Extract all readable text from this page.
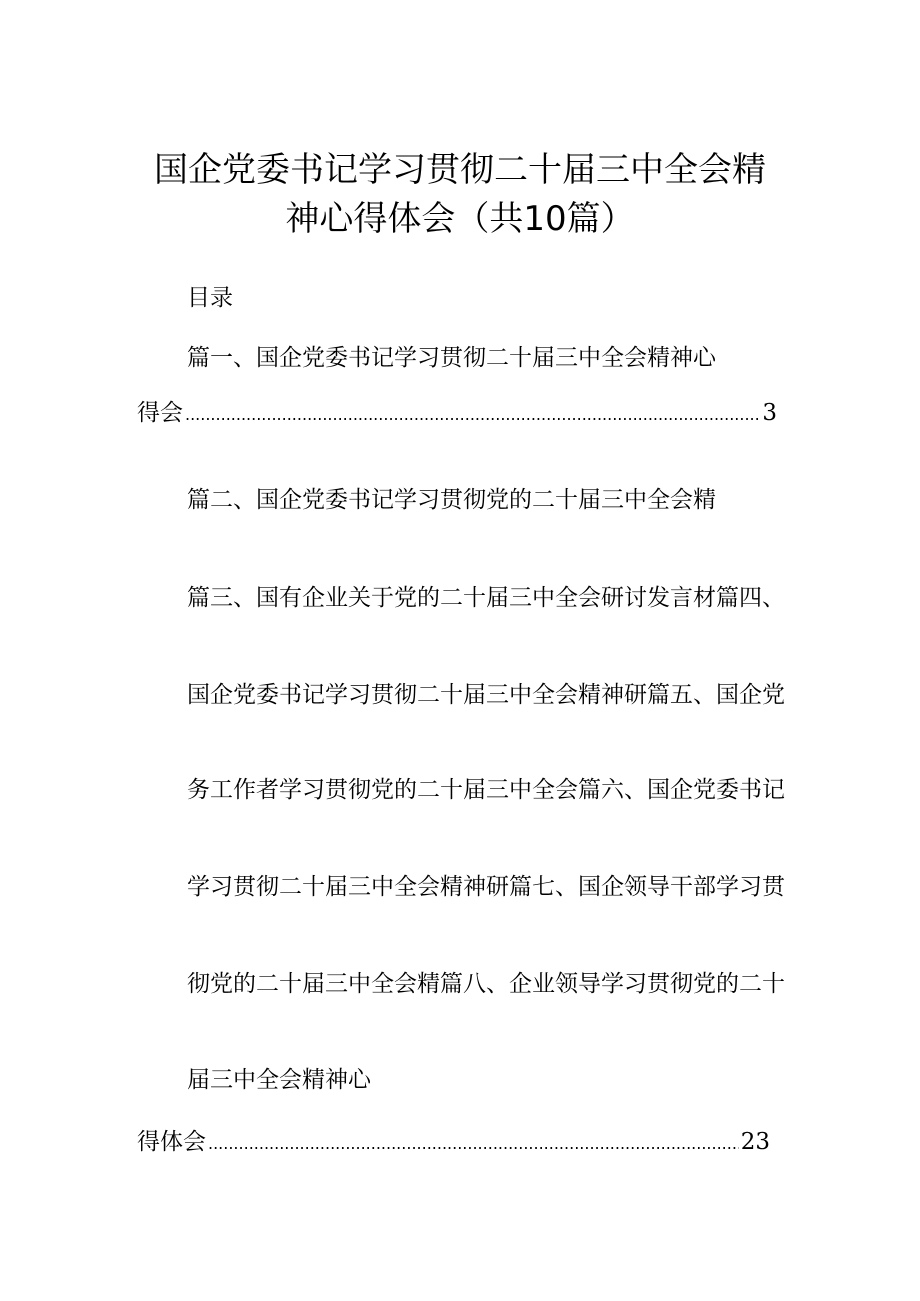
国企党委书记学习贯彻二十届三中全会精
神心得体会（共10篇）
目录
篇一、国企党委书记学习贯彻二十届三中全会精神心
得会 .....	3
篇二、国企党委书记学习贯彻党的二十届三中全会精
篇三、国有企业关于党的二十届三中全会研讨发言材篇四、
国企党委书记学习贯彻二十届三中全会精神研篇五、国企党
务工作者学习贯彻党的二十届三中全会篇六、国企党委书记
学习贯彻二十届三中全会精神研篇七、国企领导干部学习贯
彻党的二十届三中全会精篇八、企业领导学习贯彻党的二十
届三中全会精神心
得体会 .....	23
